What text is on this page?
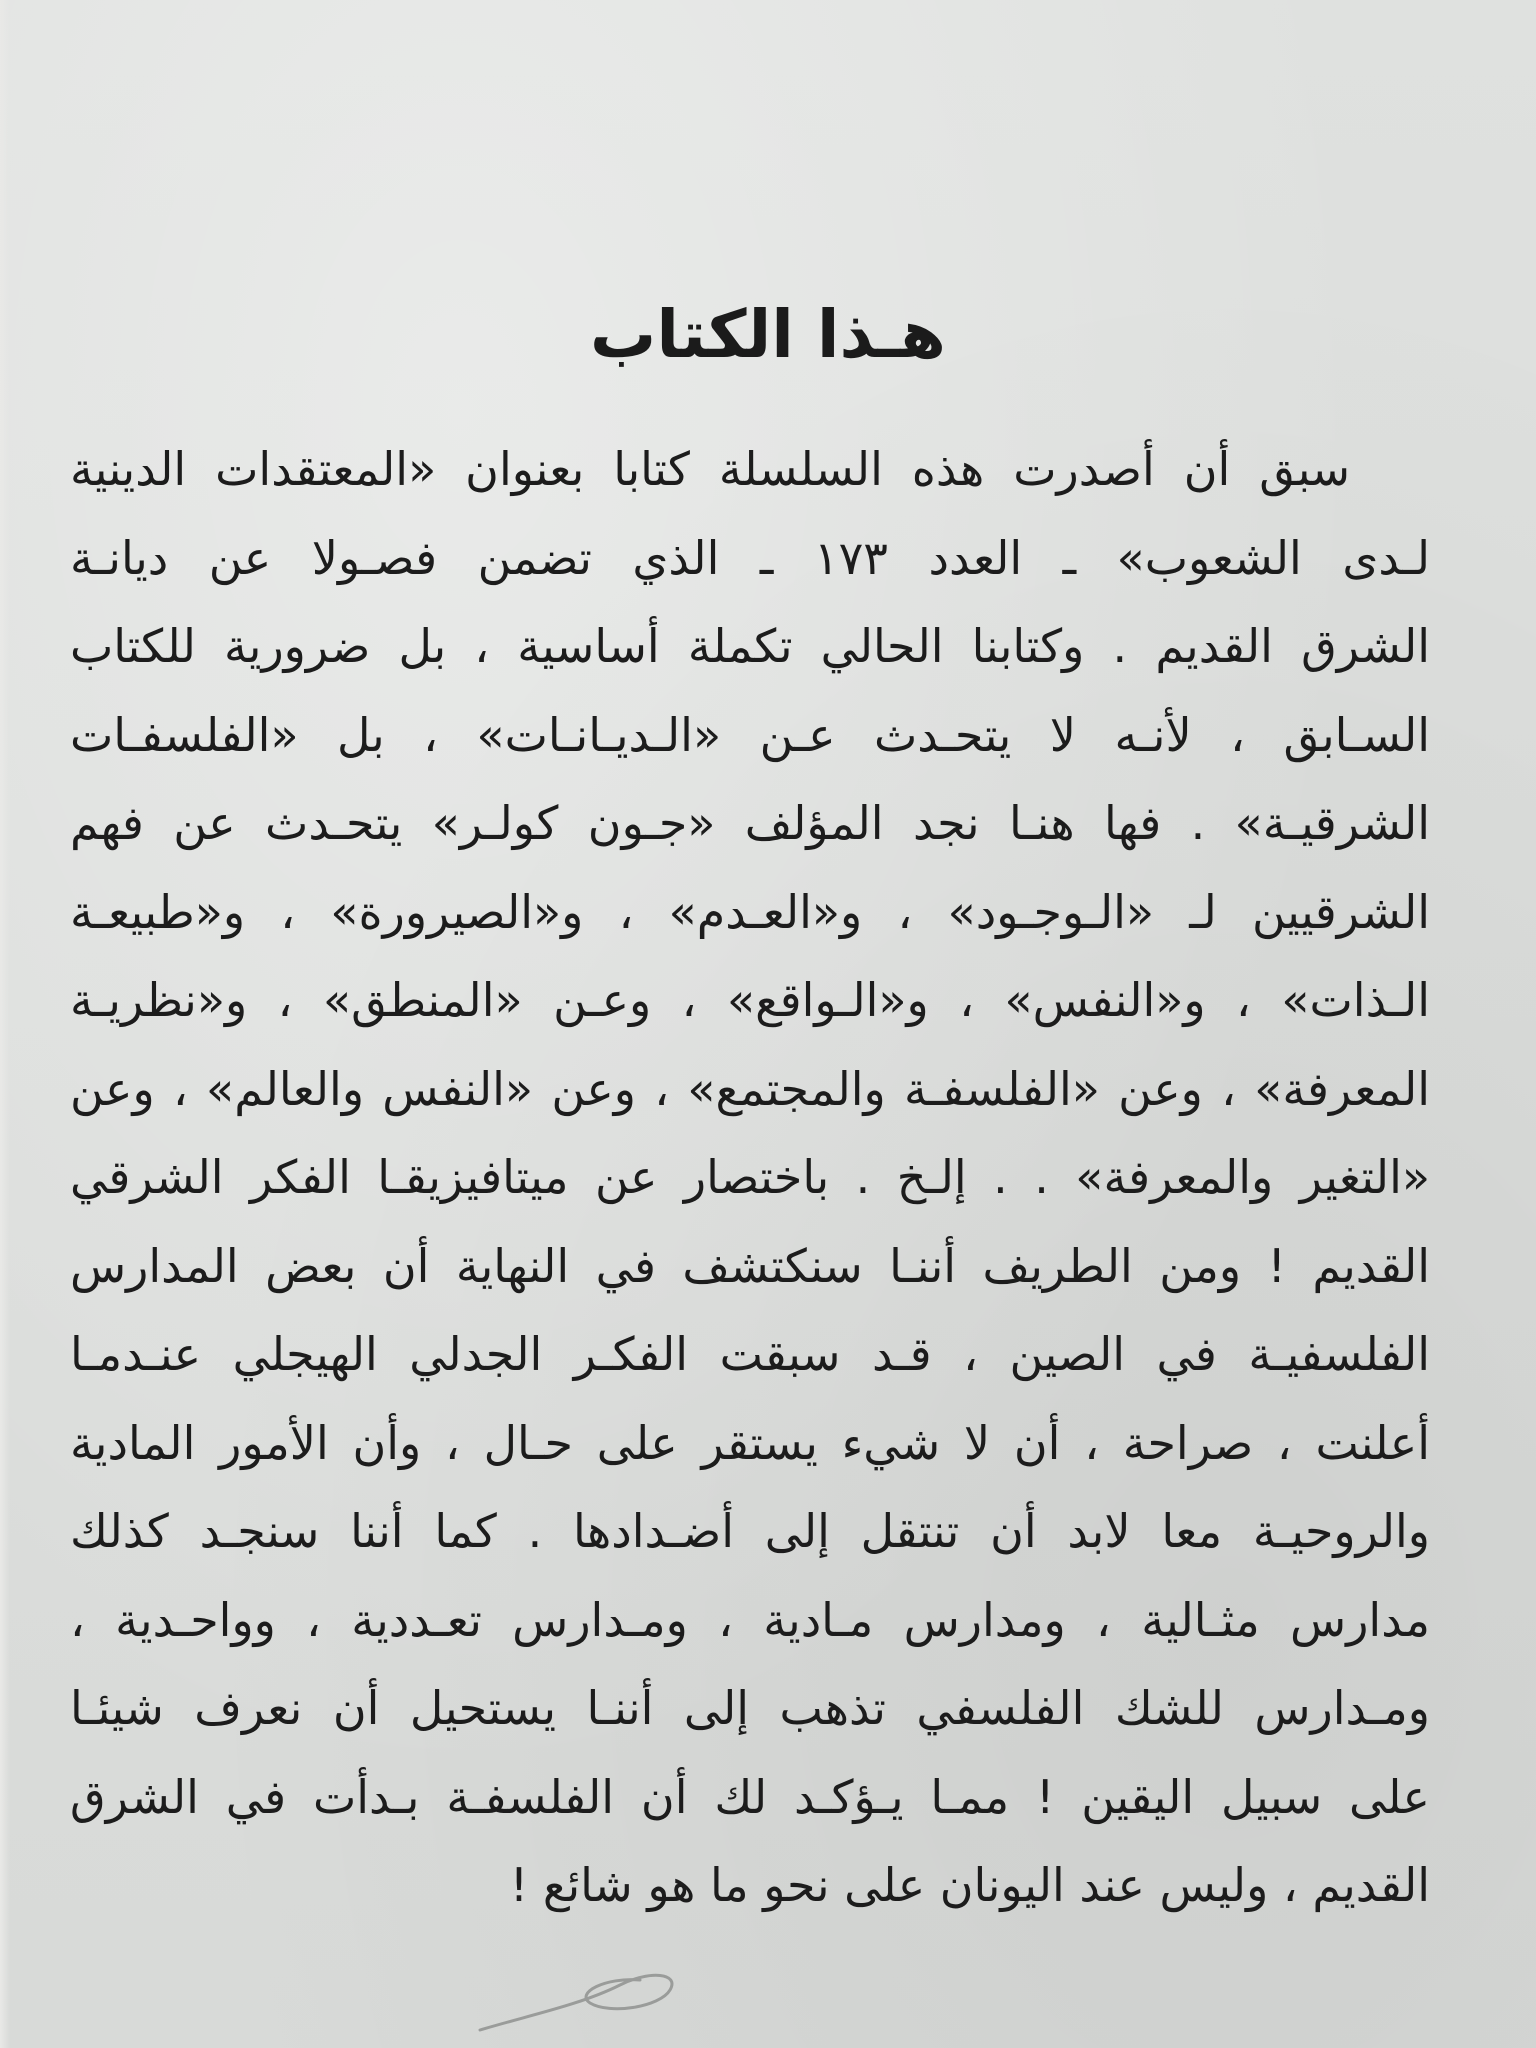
هـذا الكتاب
سبق أن أصدرت هذه السلسلة كتابا بعنوان «المعتقدات الدينية
لـدى الشعوب» ـ العدد ١٧٣ ـ الذي تضمن فصـولا عن ديانـة
الشرق القديم . وكتابنا الحالي تكملة أساسية ، بل ضرورية للكتاب
السـابق ، لأنـه لا يتحـدث عـن «الـديـانـات» ، بل «الفلسفـات
الشرقيـة» . فها هنـا نجد المؤلف «جـون كولـر» يتحـدث عن فهم
الشرقيين لـ «الـوجـود» ، و«العـدم» ، و«الصيرورة» ، و«طبيعـة
الـذات» ، و«النفس» ، و«الـواقع» ، وعـن «المنطق» ، و«نظريـة
المعرفة» ، وعن «الفلسفـة والمجتمع» ، وعن «النفس والعالم» ، وعن
«التغير والمعرفة» . . إلـخ . باختصار عن ميتافيزيقـا الفكر الشرقي
القديم ! ومن الطريف أننـا سنكتشف في النهاية أن بعض المدارس
الفلسفيـة في الصين ، قـد سبقت الفكـر الجدلي الهيجلي عنـدمـا
أعلنت ، صراحة ، أن لا شيء يستقر على حـال ، وأن الأمور المادية
والروحيـة معا لابد أن تنتقل إلى أضـدادها . كما أننا سنجـد كذلك
مدارس مثـالية ، ومدارس مـادية ، ومـدارس تعـددية ، وواحـدية ،
ومـدارس للشك الفلسفي تذهب إلى أننـا يستحيل أن نعرف شيئـا
على سبيل اليقين ! ممـا يـؤكـد لك أن الفلسفـة بـدأت في الشرق
القديم ، وليس عند اليونان على نحو ما هو شائع !
